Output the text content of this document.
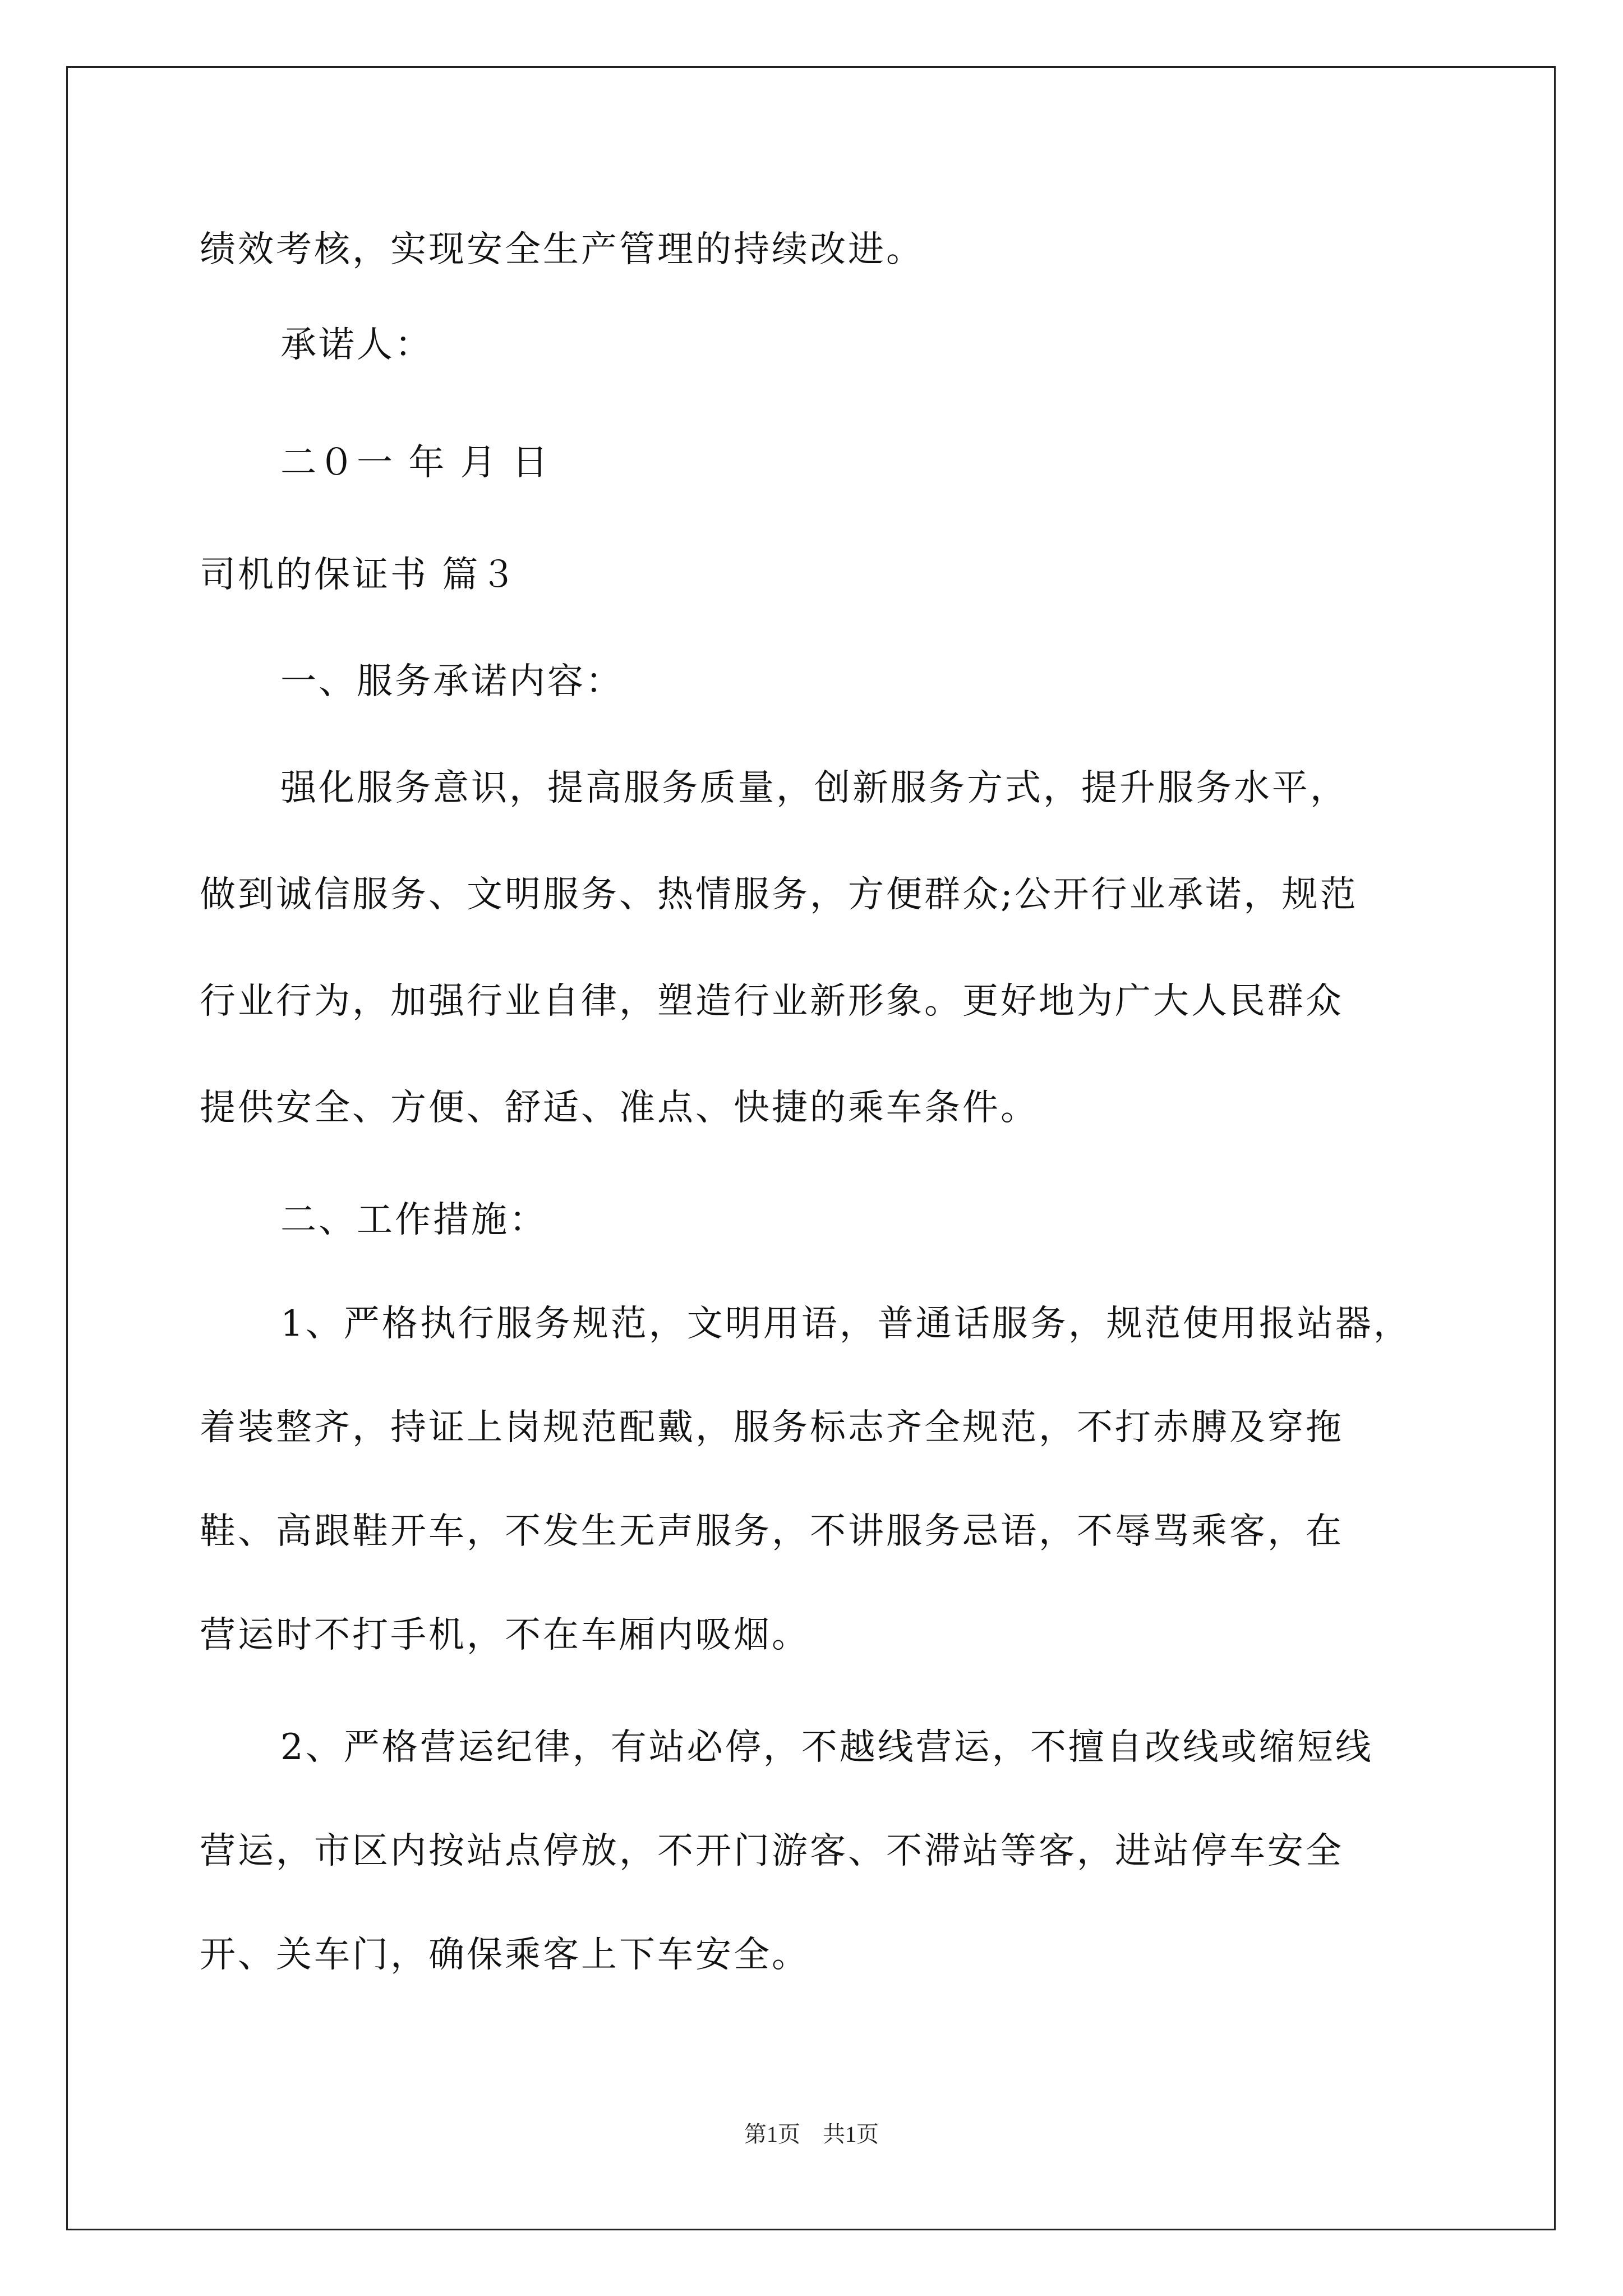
绩效考核，实现安全生产管理的持续改进。
承诺人：
二０一 年 月 日
司机的保证书 篇３
一、服务承诺内容：
强化服务意识，提高服务质量，创新服务方式，提升服务水平，
做到诚信服务、文明服务、热情服务，方便群众;公开行业承诺，规范
行业行为，加强行业自律，塑造行业新形象。更好地为广大人民群众
提供安全、方便、舒适、准点、快捷的乘车条件。
二、工作措施：
1、严格执行服务规范，文明用语，普通话服务，规范使用报站器，
着装整齐，持证上岗规范配戴，服务标志齐全规范，不打赤膊及穿拖
鞋、高跟鞋开车，不发生无声服务，不讲服务忌语，不辱骂乘客，在
营运时不打手机，不在车厢内吸烟。
2、严格营运纪律，有站必停，不越线营运，不擅自改线或缩短线
营运，市区内按站点停放，不开门游客、不滞站等客，进站停车安全
开、关车门，确保乘客上下车安全。
第1页　共1页
